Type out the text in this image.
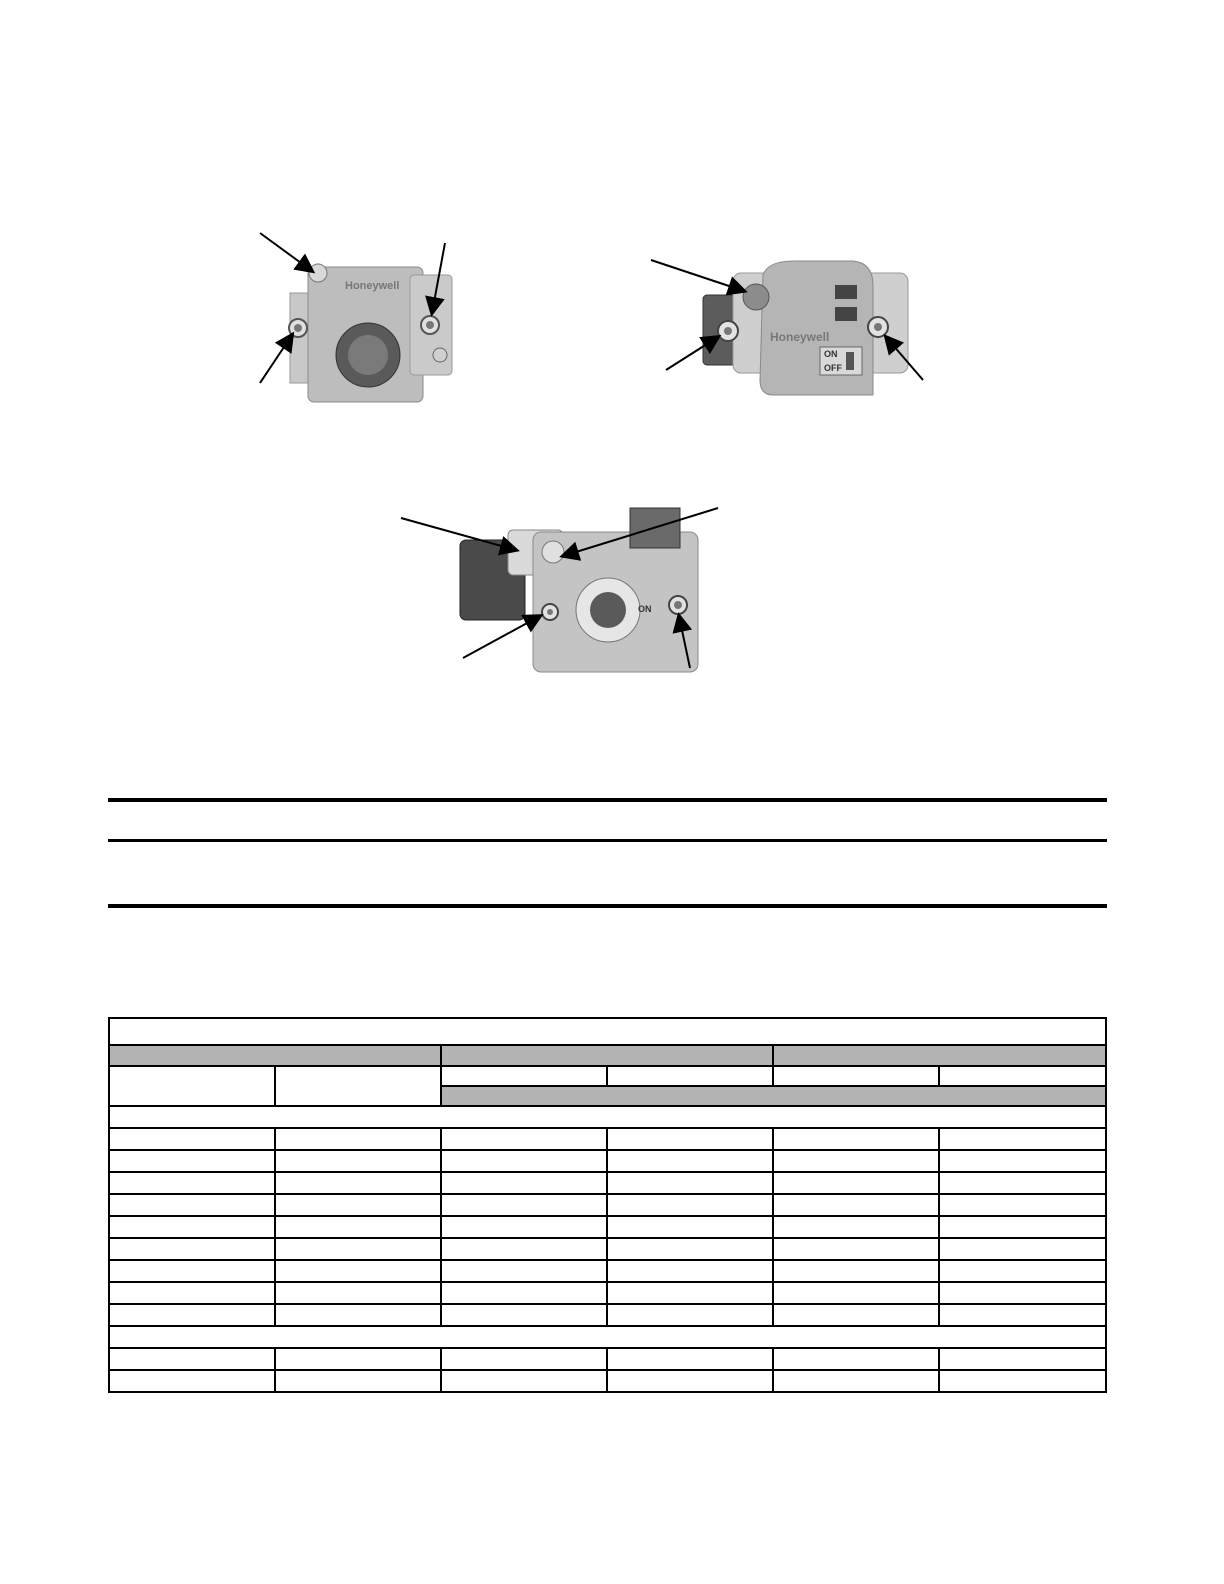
Honeywell
ON
OFF
Honeywell
ON
